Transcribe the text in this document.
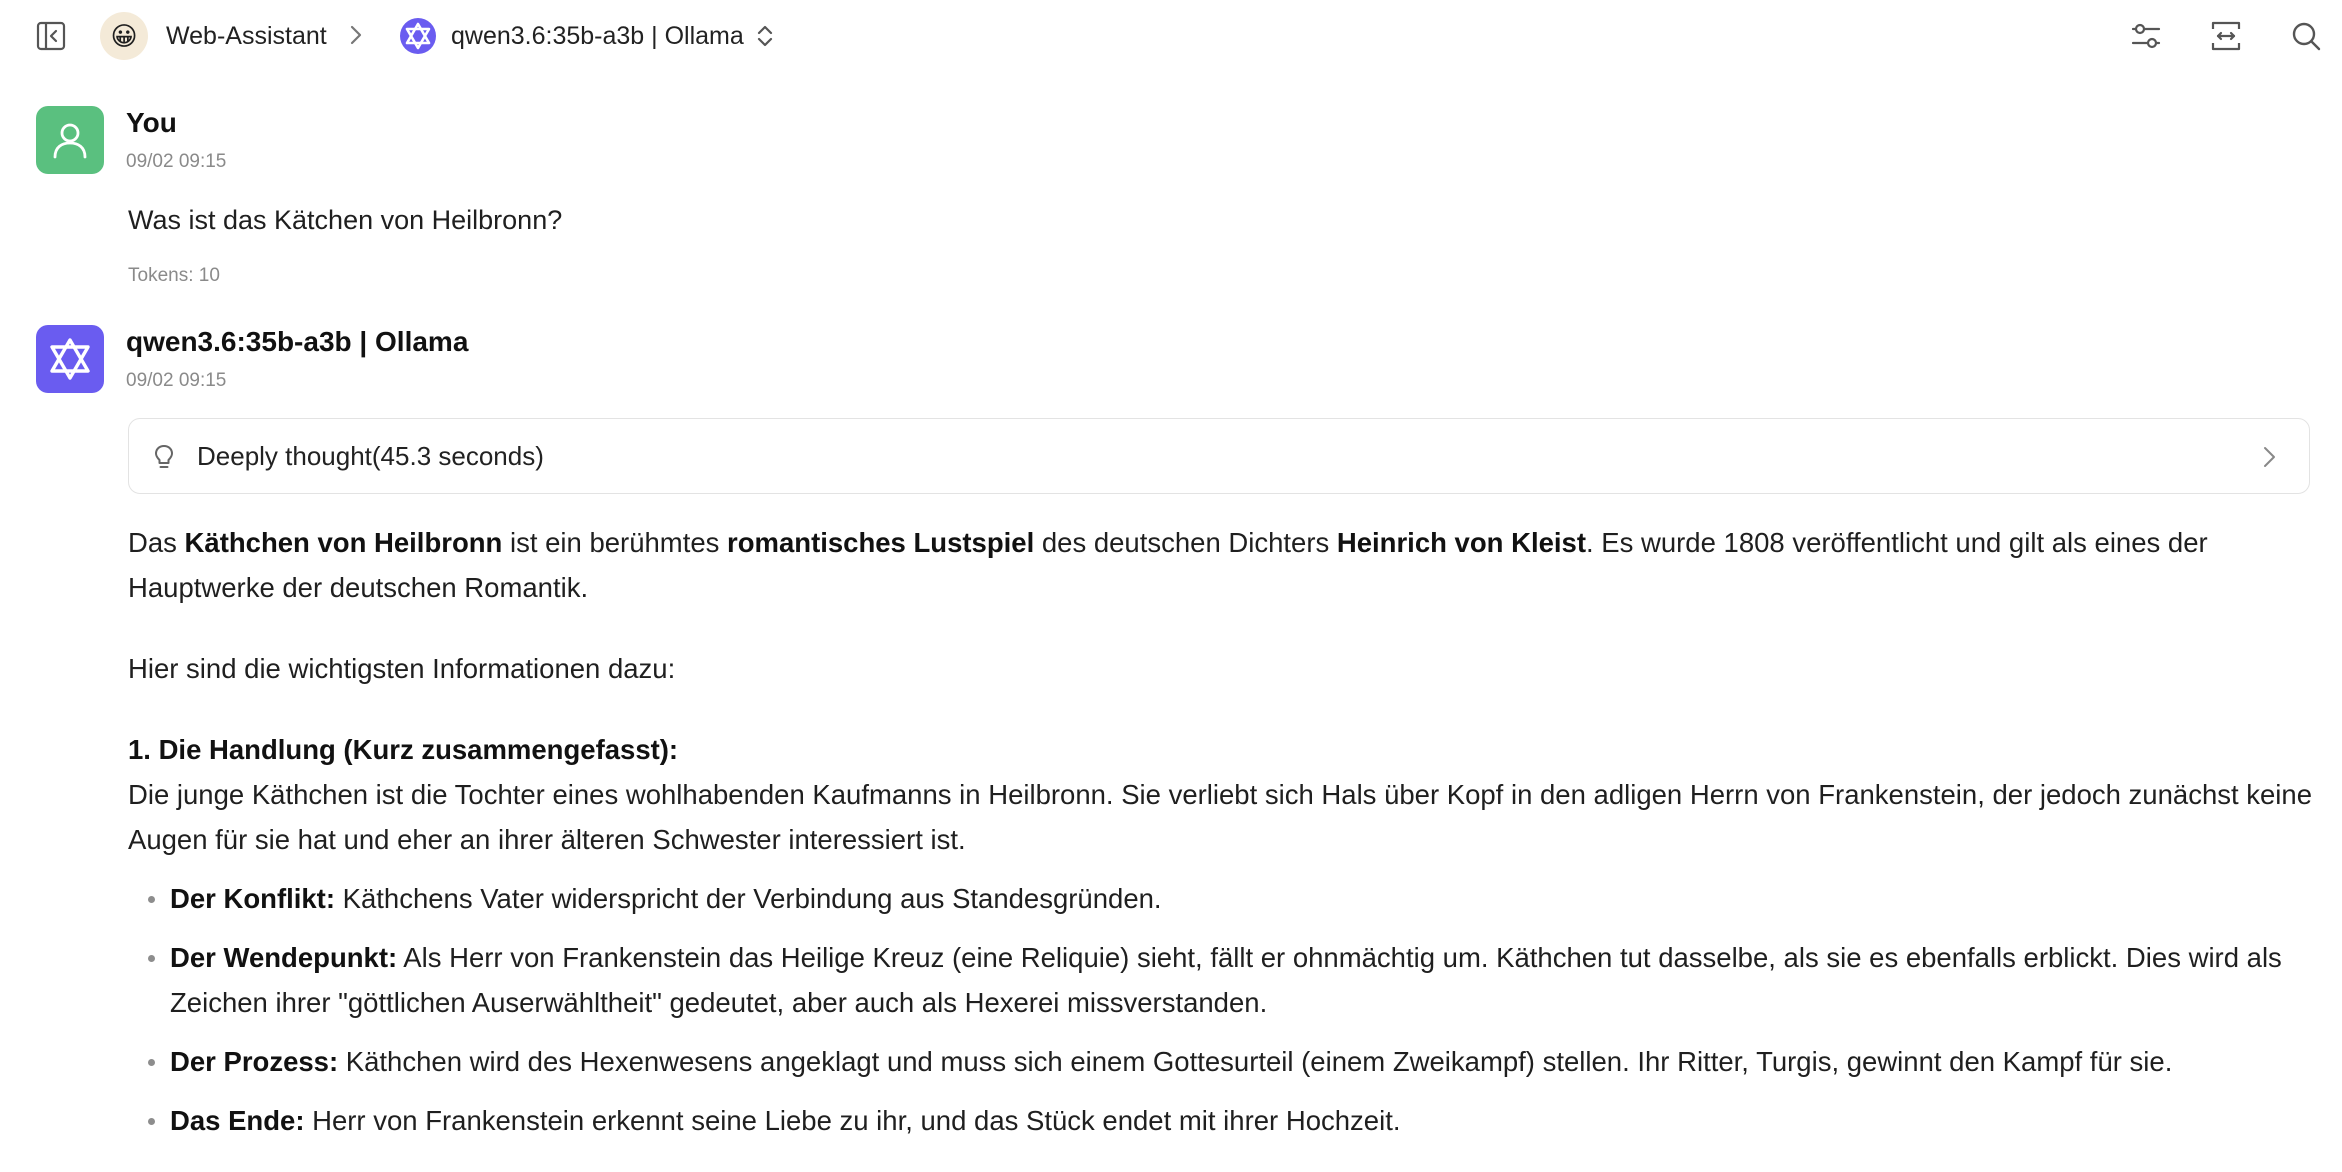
😀 Web-Assistant	qwen3.6:35b-a3b | Ollama
You
09/02 09:15
Was ist das Kätchen von Heilbronn?
Tokens: 10
qwen3.6:35b-a3b | Ollama
09/02 09:15
Deeply thought(45.3 seconds)

Das Käthchen von Heilbronn ist ein berühmtes romantisches Lustspiel des deutschen Dichters Heinrich von Kleist. Es wurde 1808 veröffentlicht und gilt als eines der Hauptwerke der deutschen Romantik.

Hier sind die wichtigsten Informationen dazu:

1. Die Handlung (Kurz zusammengefasst):
Die junge Käthchen ist die Tochter eines wohlhabenden Kaufmanns in Heilbronn. Sie verliebt sich Hals über Kopf in den adligen Herrn von Frankenstein, der jedoch zunächst keine Augen für sie hat und eher an ihrer älteren Schwester interessiert ist.

Der Konflikt: Käthchens Vater widerspricht der Verbindung aus Standesgründen.
Der Wendepunkt: Als Herr von Frankenstein das Heilige Kreuz (eine Reliquie) sieht, fällt er ohnmächtig um. Käthchen tut dasselbe, als sie es ebenfalls erblickt. Dies wird als Zeichen ihrer "göttlichen Auserwähltheit" gedeutet, aber auch als Hexerei missverstanden.
Der Prozess: Käthchen wird des Hexenwesens angeklagt und muss sich einem Gottesurteil (einem Zweikampf) stellen. Ihr Ritter, Turgis, gewinnt den Kampf für sie.
Das Ende: Herr von Frankenstein erkennt seine Liebe zu ihr, und das Stück endet mit ihrer Hochzeit.
